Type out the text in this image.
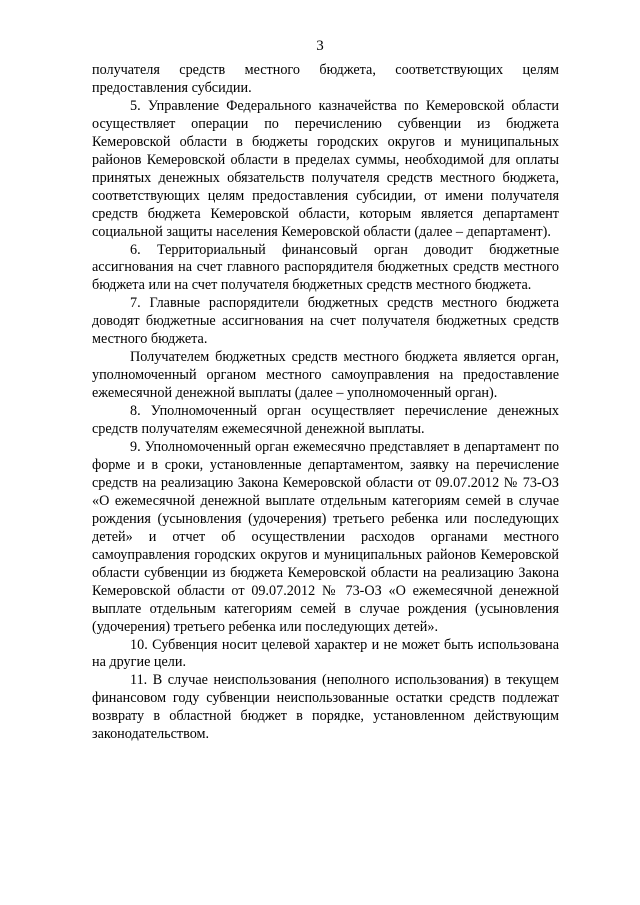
3

получателя средств местного бюджета, соответствующих целям предоставления субсидии.

5. Управление Федерального казначейства по Кемеровской области осуществляет операции по перечислению субвенции из бюджета Кемеровской области в бюджеты городских округов и муниципальных районов Кемеровской области в пределах суммы, необходимой для оплаты принятых денежных обязательств получателя средств местного бюджета, соответствующих целям предоставления субсидии, от имени получателя средств бюджета Кемеровской области, которым является департамент социальной защиты населения Кемеровской области (далее – департамент).

6. Территориальный финансовый орган доводит бюджетные ассигнования на счет главного распорядителя бюджетных средств местного бюджета или на счет получателя бюджетных средств местного бюджета.

7. Главные распорядители бюджетных средств местного бюджета доводят бюджетные ассигнования на счет получателя бюджетных средств местного бюджета.

Получателем бюджетных средств местного бюджета является орган, уполномоченный органом местного самоуправления на предоставление ежемесячной денежной выплаты (далее – уполномоченный орган).

8. Уполномоченный орган осуществляет перечисление денежных средств получателям ежемесячной денежной выплаты.

9. Уполномоченный орган ежемесячно представляет в департамент по форме и в сроки, установленные департаментом, заявку на перечисление средств на реализацию Закона Кемеровской области от 09.07.2012 № 73-ОЗ «О ежемесячной денежной выплате отдельным категориям семей в случае рождения (усыновления (удочерения) третьего ребенка или последующих детей» и отчет об осуществлении расходов органами местного самоуправления городских округов и муниципальных районов Кемеровской области субвенции из бюджета Кемеровской области на реализацию Закона Кемеровской области от 09.07.2012 № 73-ОЗ «О ежемесячной денежной выплате отдельным категориям семей в случае рождения (усыновления (удочерения) третьего ребенка или последующих детей».

10. Субвенция носит целевой характер и не может быть использована на другие цели.

11. В случае неиспользования (неполного использования) в текущем финансовом году субвенции неиспользованные остатки средств подлежат возврату в областной бюджет в порядке, установленном действующим законодательством.
